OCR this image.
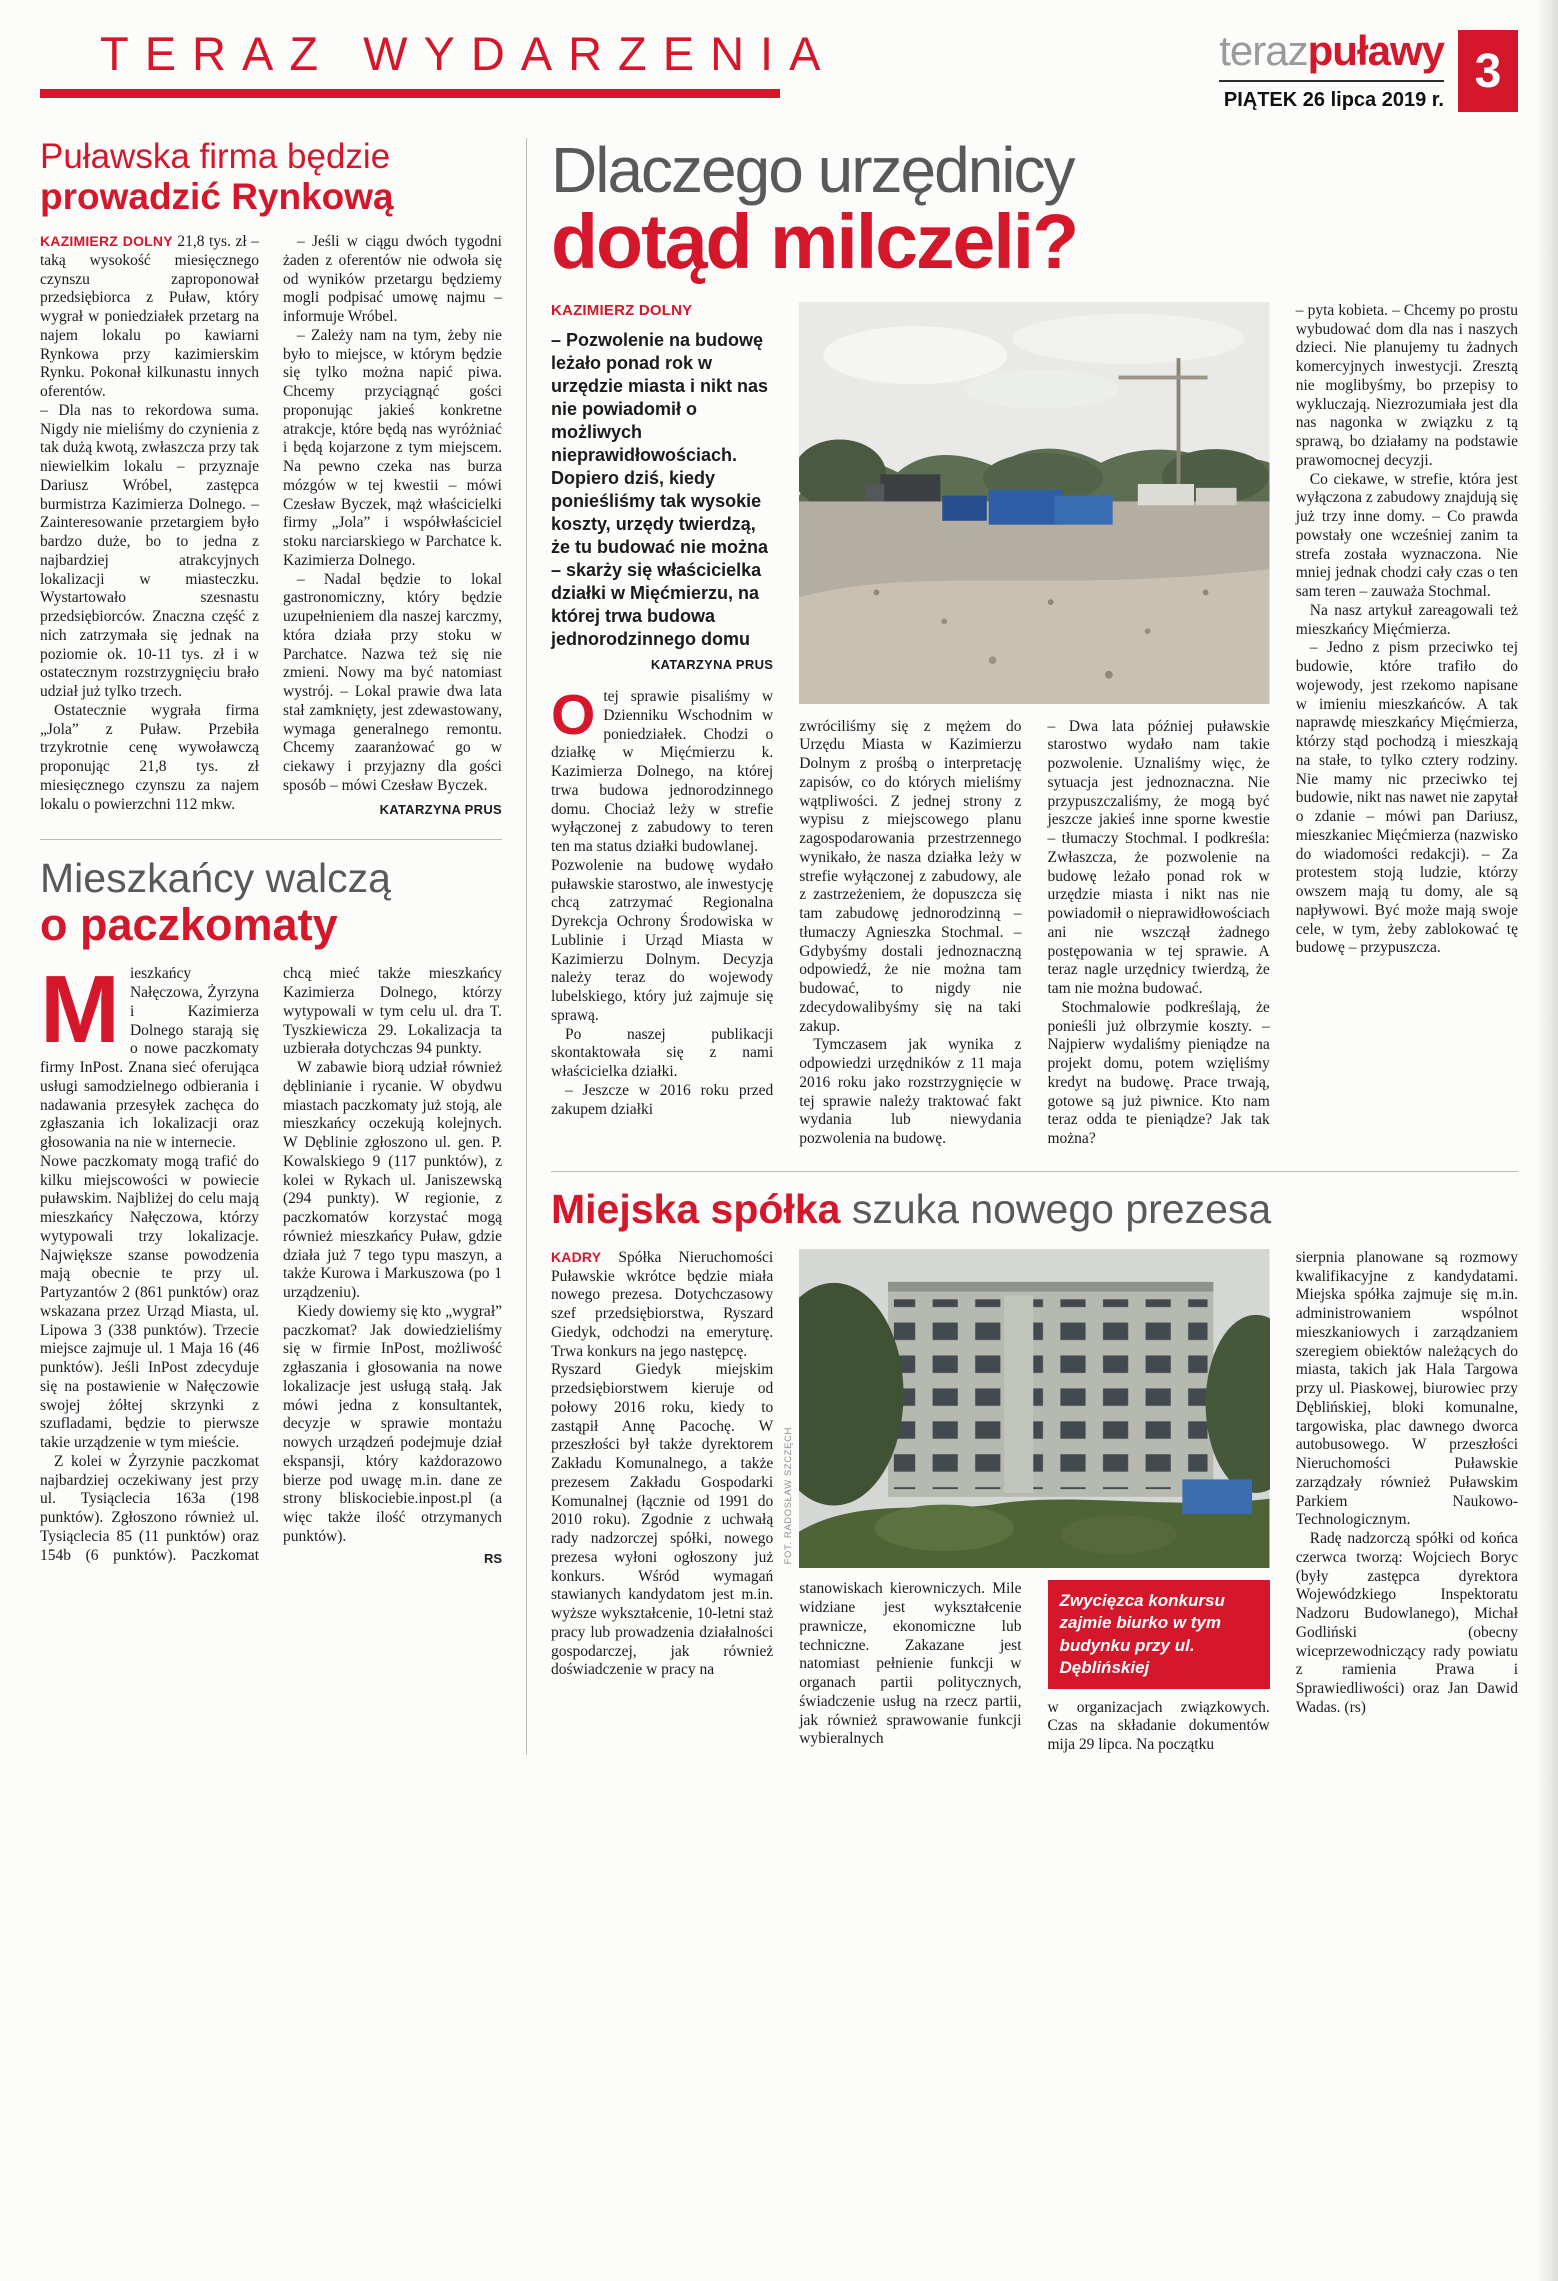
TERAZ WYDARZENIA	terazpuławy
PIĄTEK 26 lipca 2019 r.
3
Puławska firma będzie
prowadzić Rynkową

KAZIMIERZ DOLNY 21,8 tys. zł – taką wysokość miesięcznego czynszu zaproponował przedsiębiorca z Puław, który wygrał w poniedziałek przetarg na najem lokalu po kawiarni Rynkowa przy kazimierskim Rynku. Pokonał kilkunastu innych oferentów.

– Dla nas to rekordowa suma. Nigdy nie mieliśmy do czynienia z tak dużą kwotą, zwłaszcza przy tak niewielkim lokalu – przyznaje Dariusz Wróbel, zastępca burmistrza Kazimierza Dolnego. – Zainteresowanie przetargiem było bardzo duże, bo to jedna z najbardziej atrakcyjnych lokalizacji w miasteczku. Wystartowało szesnastu przedsiębiorców. Znaczna część z nich zatrzymała się jednak na poziomie ok. 10-11 tys. zł i w ostatecznym rozstrzygnięciu brało udział już tylko trzech.

Ostatecznie wygrała firma „Jola” z Puław. Przebiła trzykrotnie cenę wywoławczą proponując 21,8 tys. zł miesięcznego czynszu za najem lokalu o powierzchni 112 mkw.

– Jeśli w ciągu dwóch tygodni żaden z oferentów nie odwoła się od wyników przetargu będziemy mogli podpisać umowę najmu – informuje Wróbel.

– Zależy nam na tym, żeby nie było to miejsce, w którym będzie się tylko można napić piwa. Chcemy przyciągnąć gości proponując jakieś konkretne atrakcje, które będą nas wyróżniać i będą kojarzone z tym miejscem. Na pewno czeka nas burza mózgów w tej kwestii – mówi Czesław Byczek, mąż właścicielki firmy „Jola” i współwłaściciel stoku narciarskiego w Parchatce k. Kazimierza Dolnego.

– Nadal będzie to lokal gastronomiczny, który będzie uzupełnieniem dla naszej karczmy, która działa przy stoku w Parchatce. Nazwa też się nie zmieni. Nowy ma być natomiast wystrój. – Lokal prawie dwa lata stał zamknięty, jest zdewastowany, wymaga generalnego remontu. Chcemy zaaranżować go w ciekawy i przyjazny dla gości sposób – mówi Czesław Byczek.

KATARZYNA PRUS
Mieszkańcy walczą
o paczkomaty

Mieszkańcy Nałęczowa, Żyrzyna i Kazimierza Dolnego starają się o nowe paczkomaty firmy InPost. Znana sieć oferująca usługi samodzielnego odbierania i nadawania przesyłek zachęca do zgłaszania ich lokalizacji oraz głosowania na nie w internecie.

Nowe paczkomaty mogą trafić do kilku miejscowości w powiecie puławskim. Najbliżej do celu mają mieszkańcy Nałęczowa, którzy wytypowali trzy lokalizacje. Największe szanse powodzenia mają obecnie te przy ul. Partyzantów 2 (861 punktów) oraz wskazana przez Urząd Miasta, ul. Lipowa 3 (338 punktów). Trzecie miejsce zajmuje ul. 1 Maja 16 (46 punktów). Jeśli InPost zdecyduje się na postawienie w Nałęczowie swojej żółtej skrzynki z szufladami, będzie to pierwsze takie urządzenie w tym mieście.

Z kolei w Żyrzynie paczkomat najbardziej oczekiwany jest przy ul. Tysiąclecia 163a (198 punktów). Zgłoszono również ul. Tysiąclecia 85 (11 punktów) oraz 154b (6 punktów). Paczkomat chcą mieć także mieszkańcy Kazimierza Dolnego, którzy wytypowali w tym celu ul. dra T. Tyszkiewicza 29. Lokalizacja ta uzbierała dotychczas 94 punkty.

W zabawie biorą udział również dęblinianie i rycanie. W obydwu miastach paczkomaty już stoją, ale mieszkańcy oczekują kolejnych. W Dęblinie zgłoszono ul. gen. P. Kowalskiego 9 (117 punktów), z kolei w Rykach ul. Janiszewską (294 punkty). W regionie, z paczkomatów korzystać mogą również mieszkańcy Puław, gdzie działa już 7 tego typu maszyn, a także Kurowa i Markuszowa (po 1 urządzeniu).

Kiedy dowiemy się kto „wygrał” paczkomat? Jak dowiedzieliśmy się w firmie InPost, możliwość zgłaszania i głosowania na nowe lokalizacje jest usługą stałą. Jak mówi jedna z konsultantek, decyzje w sprawie montażu nowych urządzeń podejmuje dział ekspansji, który każdorazowo bierze pod uwagę m.in. dane ze strony bliskociebie.inpost.pl (a więc także ilość otrzymanych punktów).

RS
Dlaczego urzędnicy
dotąd milczeli?
KAZIMIERZ DOLNY
– Pozwolenie na budowę leżało ponad rok w urzędzie miasta i nikt nas nie powiadomił o możliwych nieprawidłowościach. Dopiero dziś, kiedy ponieśliśmy tak wysokie koszty, urzędy twierdzą, że tu budować nie można – skarży się właścicielka działki w Mięćmierzu, na której trwa budowa jednorodzinnego domu
KATARZYNA PRUS

Otej sprawie pisaliśmy w Dzienniku Wschodnim w poniedziałek. Chodzi o działkę w Mięćmierzu k. Kazimierza Dolnego, na której trwa budowa jednorodzinnego domu. Chociaż leży w strefie wyłączonej z zabudowy to teren ten ma status działki budowlanej.

Pozwolenie na budowę wydało puławskie starostwo, ale inwestycję chcą zatrzymać Regionalna Dyrekcja Ochrony Środowiska w Lublinie i Urząd Miasta w Kazimierzu Dolnym. Decyzja należy teraz do wojewody lubelskiego, który już zajmuje się sprawą.

Po naszej publikacji skontaktowała się z nami właścicielka działki.

– Jeszcze w 2016 roku przed zakupem działki

zwróciliśmy się z mężem do Urzędu Miasta w Kazimierzu Dolnym z prośbą o interpretację zapisów, co do których mieliśmy wątpliwości. Z jednej strony z wypisu z miejscowego planu zagospodarowania przestrzennego wynikało, że nasza działka leży w strefie wyłączonej z zabudowy, ale z zastrzeżeniem, że dopuszcza się tam zabudowę jednorodzinną – tłumaczy Agnieszka Stochmal. – Gdybyśmy dostali jednoznaczną odpowiedź, że nie można tam budować, to nigdy nie zdecydowalibyśmy się na taki zakup.

Tymczasem jak wynika z odpowiedzi urzędników z 11 maja 2016 roku jako rozstrzygnięcie w tej sprawie należy traktować fakt wydania lub niewydania pozwolenia na budowę.

– Dwa lata później puławskie starostwo wydało nam takie pozwolenie. Uznaliśmy więc, że sytuacja jest jednoznaczna. Nie przypuszczaliśmy, że mogą być jeszcze jakieś inne sporne kwestie – tłumaczy Stochmal. I podkreśla: Zwłaszcza, że pozwolenie na budowę leżało ponad rok w urzędzie miasta i nikt nas nie powiadomił o nieprawidłowościach ani nie wszczął żadnego postępowania w tej sprawie. A teraz nagle urzędnicy twierdzą, że tam nie można budować.

Stochmalowie podkreślają, że ponieśli już olbrzymie koszty. – Najpierw wydaliśmy pieniądze na projekt domu, potem wzięliśmy kredyt na budowę. Prace trwają, gotowe są już piwnice. Kto nam teraz odda te pieniądze? Jak tak można?

– pyta kobieta. – Chcemy po prostu wybudować dom dla nas i naszych dzieci. Nie planujemy tu żadnych komercyjnych inwestycji. Zresztą nie moglibyśmy, bo przepisy to wykluczają. Niezrozumiała jest dla nas nagonka w związku z tą sprawą, bo działamy na podstawie prawomocnej decyzji.

Co ciekawe, w strefie, która jest wyłączona z zabudowy znajdują się już trzy inne domy. – Co prawda powstały one wcześniej zanim ta strefa została wyznaczona. Nie mniej jednak chodzi cały czas o ten sam teren – zauważa Stochmal.

Na nasz artykuł zareagowali też mieszkańcy Mięćmierza.

– Jedno z pism przeciwko tej budowie, które trafiło do wojewody, jest rzekomo napisane w imieniu mieszkańców. A tak naprawdę mieszkańcy Mięćmierza, którzy stąd pochodzą i mieszkają na stałe, to tylko cztery rodziny. Nie mamy nic przeciwko tej budowie, nikt nas nawet nie zapytał o zdanie – mówi pan Dariusz, mieszkaniec Mięćmierza (nazwisko do wiadomości redakcji). – Za protestem stoją ludzie, którzy owszem mają tu domy, ale są napływowi. Być może mają swoje cele, w tym, żeby zablokować tę budowę – przypuszcza.

Miejska spółka szuka nowego prezesa

KADRY Spółka Nieruchomości Puławskie wkrótce będzie miała nowego prezesa. Dotychczasowy szef przedsiębiorstwa, Ryszard Giedyk, odchodzi na emeryturę. Trwa konkurs na jego następcę.

Ryszard Giedyk miejskim przedsiębiorstwem kieruje od połowy 2016 roku, kiedy to zastąpił Annę Pacochę. W przeszłości był także dyrektorem Zakładu Komunalnego, a także prezesem Zakładu Gospodarki Komunalnej (łącznie od 1991 do 2010 roku). Zgodnie z uchwałą rady nadzorczej spółki, nowego prezesa wyłoni ogłoszony już konkurs. Wśród wymagań stawianych kandydatom jest m.in. wyższe wykształcenie, 10-letni staż pracy lub prowadzenia działalności gospodarczej, jak również doświadczenie w pracy na

FOT. RADOSŁAW SZCZĘCH

stanowiskach kierowniczych. Mile widziane jest wykształcenie prawnicze, ekonomiczne lub techniczne. Zakazane jest natomiast pełnienie funkcji w organach partii politycznych, świadczenie usług na rzecz partii, jak również sprawowanie funkcji wybieralnych

Zwycięzca konkursu zajmie biurko w tym budynku przy ul. Dęblińskiej

w organizacjach związkowych. Czas na składanie dokumentów mija 29 lipca. Na początku

sierpnia planowane są rozmowy kwalifikacyjne z kandydatami. Miejska spółka zajmuje się m.in. administrowaniem wspólnot mieszkaniowych i zarządzaniem szeregiem obiektów należących do miasta, takich jak Hala Targowa przy ul. Piaskowej, biurowiec przy Dęblińskiej, bloki komunalne, targowiska, plac dawnego dworca autobusowego. W przeszłości Nieruchomości Puławskie zarządzały również Puławskim Parkiem Naukowo-Technologicznym.

Radę nadzorczą spółki od końca czerwca tworzą: Wojciech Boryc (były zastępca dyrektora Wojewódzkiego Inspektoratu Nadzoru Budowlanego), Michał Godliński (obecny wiceprzewodniczący rady powiatu z ramienia Prawa i Sprawiedliwości) oraz Jan Dawid Wadas. (rs)
